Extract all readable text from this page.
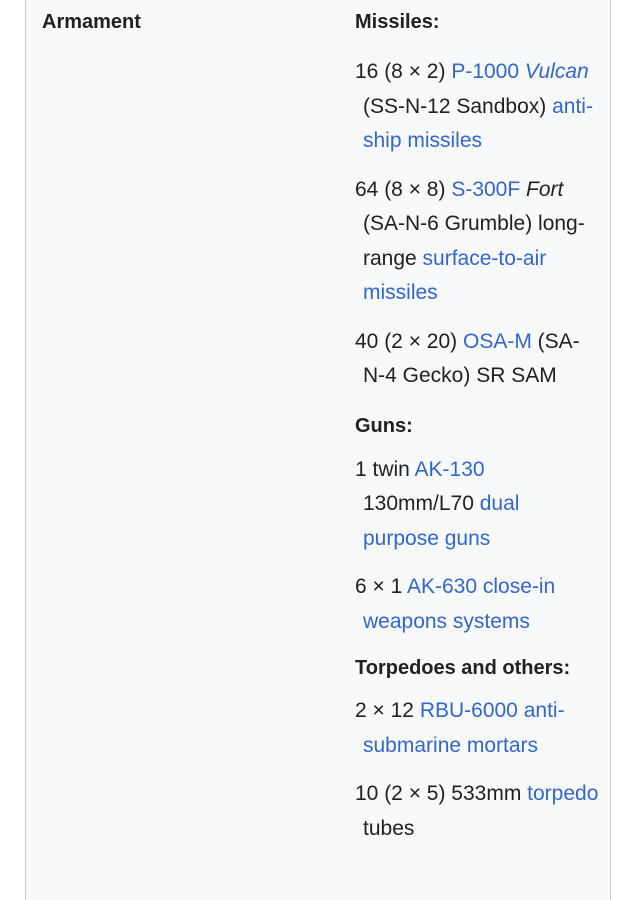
Armament	Missiles:
16 (8 × 2) P-1000 Vulcan (SS-N-12 Sandbox) anti-ship missiles
64 (8 × 8) S-300F Fort (SA-N-6 Grumble) long-range surface-to-air missiles
40 (2 × 20) OSA-M (SA-N-4 Gecko) SR SAM
Guns:
1 twin AK-130 130mm/L70 dual purpose guns
6 × 1 AK-630 close-in weapons systems
Torpedoes and others:
2 × 12 RBU-6000 anti-submarine mortars
10 (2 × 5) 533mm torpedo tubes
